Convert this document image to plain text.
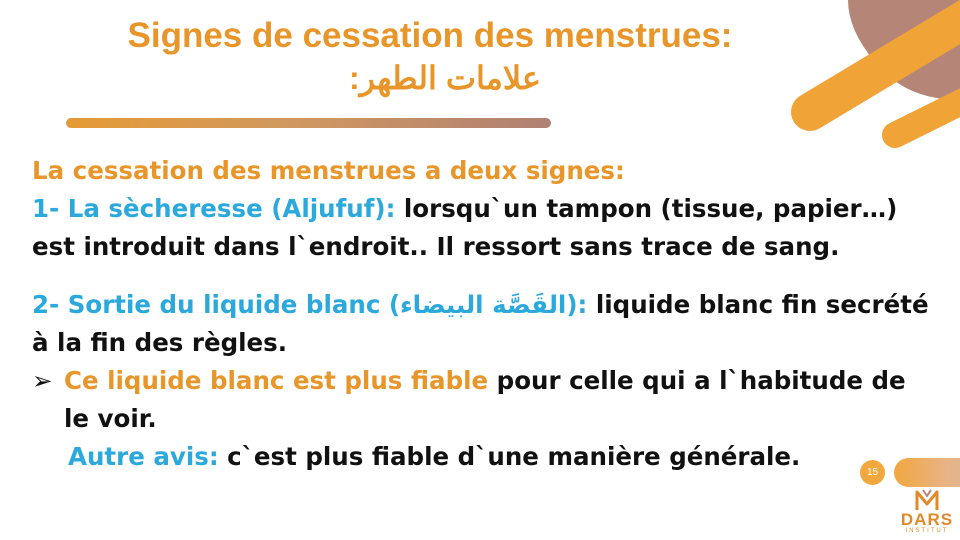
Signes de cessation des menstrues:
علامات الطهر:

La cessation des menstrues a deux signes:

1- La sècheresse (Aljufuf): lorsqu`un tampon (tissue, papier…) est introduit dans l`endroit.. Il ressort sans trace de sang.

2- Sortie du liquide blanc (القَصَّة البيضاء): liquide blanc fin secrété à la fin des règles.

➢ Ce liquide blanc est plus fiable pour celle qui a l`habitude de le voir.

Autre avis: c`est plus fiable d`une manière générale.

15
DARS
INSTITUT
